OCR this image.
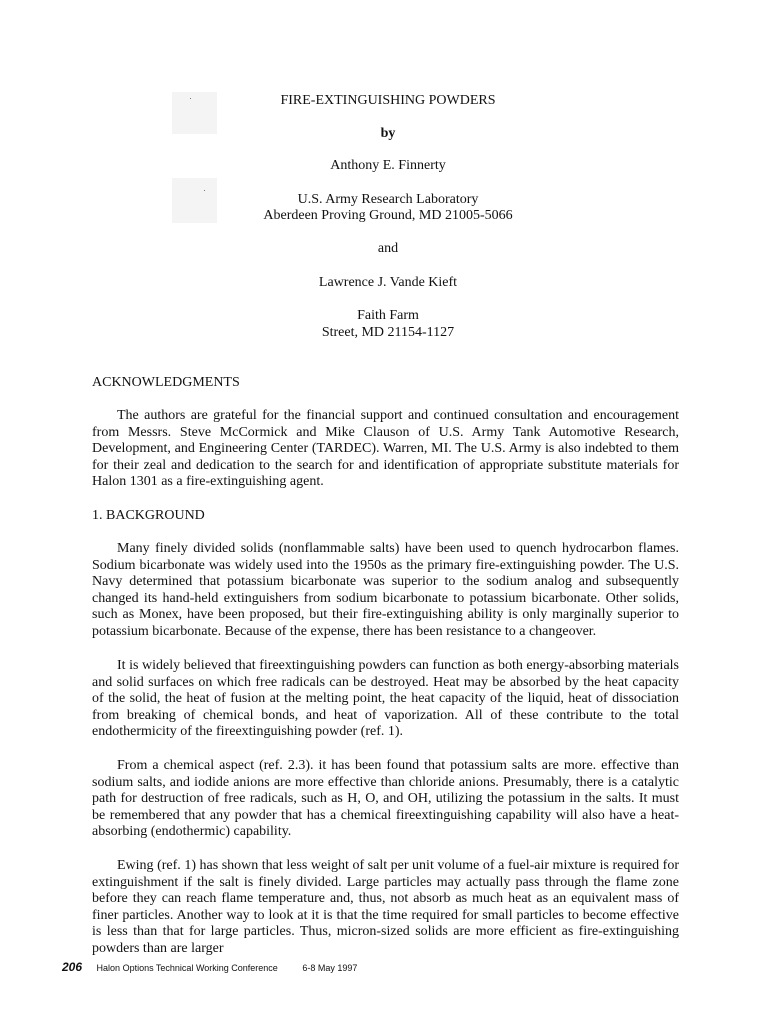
FIRE-EXTINGUISHING POWDERS
by
Anthony E. Finnerty
U.S. Army Research Laboratory
Aberdeen Proving Ground, MD 21005-5066
and
Lawrence J. Vande Kieft
Faith Farm
Street, MD 21154-1127
ACKNOWLEDGMENTS

The authors are grateful for the financial support and continued consultation and encouragement from Messrs. Steve McCormick and Mike Clauson of U.S. Army Tank Automotive Research, Development, and Engineering Center (TARDEC). Warren, MI. The U.S. Army is also indebted to them for their zeal and dedication to the search for and identification of appropriate substitute materials for Halon 1301 as a fire-extinguishing agent.

1. BACKGROUND

Many finely divided solids (nonflammable salts) have been used to quench hydrocarbon flames. Sodium bicarbonate was widely used into the 1950s as the primary fire-extinguishing powder. The U.S. Navy determined that potassium bicarbonate was superior to the sodium analog and subsequently changed its hand-held extinguishers from sodium bicarbonate to potassium bicarbonate. Other solids, such as Monex, have been proposed, but their fire-extinguishing ability is only marginally superior to potassium bicarbonate. Because of the expense, there has been resistance to a changeover.

It is widely believed that fireextinguishing powders can function as both energy-absorbing materials and solid surfaces on which free radicals can be destroyed. Heat may be absorbed by the heat capacity of the solid, the heat of fusion at the melting point, the heat capacity of the liquid, heat of dissociation from breaking of chemical bonds, and heat of vaporization. All of these contribute to the total endothermicity of the fireextinguishing powder (ref. 1).

From a chemical aspect (ref. 2.3). it has been found that potassium salts are more. effective than sodium salts, and iodide anions are more effective than chloride anions. Presumably, there is a catalytic path for destruction of free radicals, such as H, O, and OH, utilizing the potassium in the salts. It must be remembered that any powder that has a chemical fireextinguishing capability will also have a heat-absorbing (endothermic) capability.

Ewing (ref. 1) has shown that less weight of salt per unit volume of a fuel-air mixture is required for extinguishment if the salt is finely divided. Large particles may actually pass through the flame zone before they can reach flame temperature and, thus, not absorb as much heat as an equivalent mass of finer particles. Another way to look at it is that the time required for small particles to become effective is less than that for large particles. Thus, micron-sized solids are more efficient as fire-extinguishing powders than are larger

206 Halon Options Technical Working Conference	6-8 May 1997
